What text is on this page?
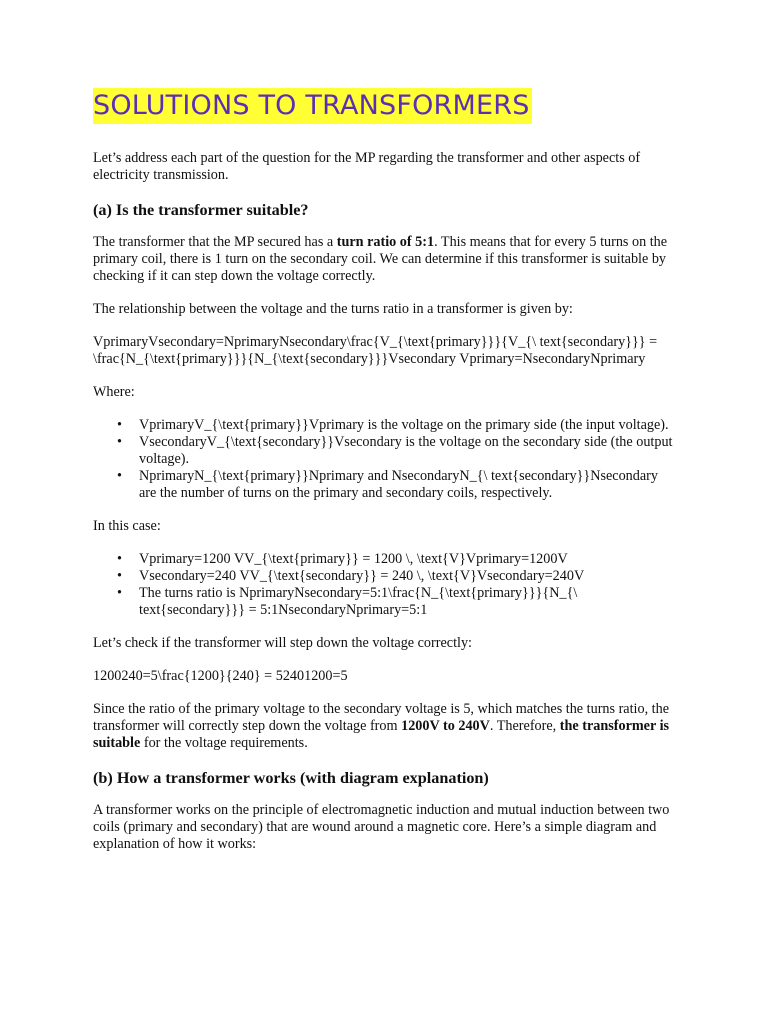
SOLUTIONS TO TRANSFORMERS

Let’s address each part of the question for the MP regarding the transformer and other aspects of electricity transmission.

(a) Is the transformer suitable?

The transformer that the MP secured has a turn ratio of 5:1. This means that for every 5 turns on the primary coil, there is 1 turn on the secondary coil. We can determine if this transformer is suitable by checking if it can step down the voltage correctly.

The relationship between the voltage and the turns ratio in a transformer is given by:

VprimaryVsecondary=NprimaryNsecondary\frac{V_{\text{primary}}}{V_{\ text{secondary}}} = \frac{N_{\text{primary}}}{N_{\text{secondary}}}Vsecondary Vprimary=NsecondaryNprimary

Where:

• VprimaryV_{\text{primary}}Vprimary is the voltage on the primary side (the input voltage).
• VsecondaryV_{\text{secondary}}Vsecondary is the voltage on the secondary side (the output voltage).
• NprimaryN_{\text{primary}}Nprimary and NsecondaryN_{\ text{secondary}}Nsecondary are the number of turns on the primary and secondary coils, respectively.

In this case:

• Vprimary=1200 VV_{\text{primary}} = 1200 \, \text{V}Vprimary=1200V
• Vsecondary=240 VV_{\text{secondary}} = 240 \, \text{V}Vsecondary=240V
• The turns ratio is NprimaryNsecondary=5:1\frac{N_{\text{primary}}}{N_{\ text{secondary}}} = 5:1NsecondaryNprimary=5:1

Let’s check if the transformer will step down the voltage correctly:

1200240=5\frac{1200}{240} = 52401200=5

Since the ratio of the primary voltage to the secondary voltage is 5, which matches the turns ratio, the transformer will correctly step down the voltage from 1200V to 240V. Therefore, the transformer is suitable for the voltage requirements.

(b) How a transformer works (with diagram explanation)

A transformer works on the principle of electromagnetic induction and mutual induction between two coils (primary and secondary) that are wound around a magnetic core. Here’s a simple diagram and explanation of how it works:
